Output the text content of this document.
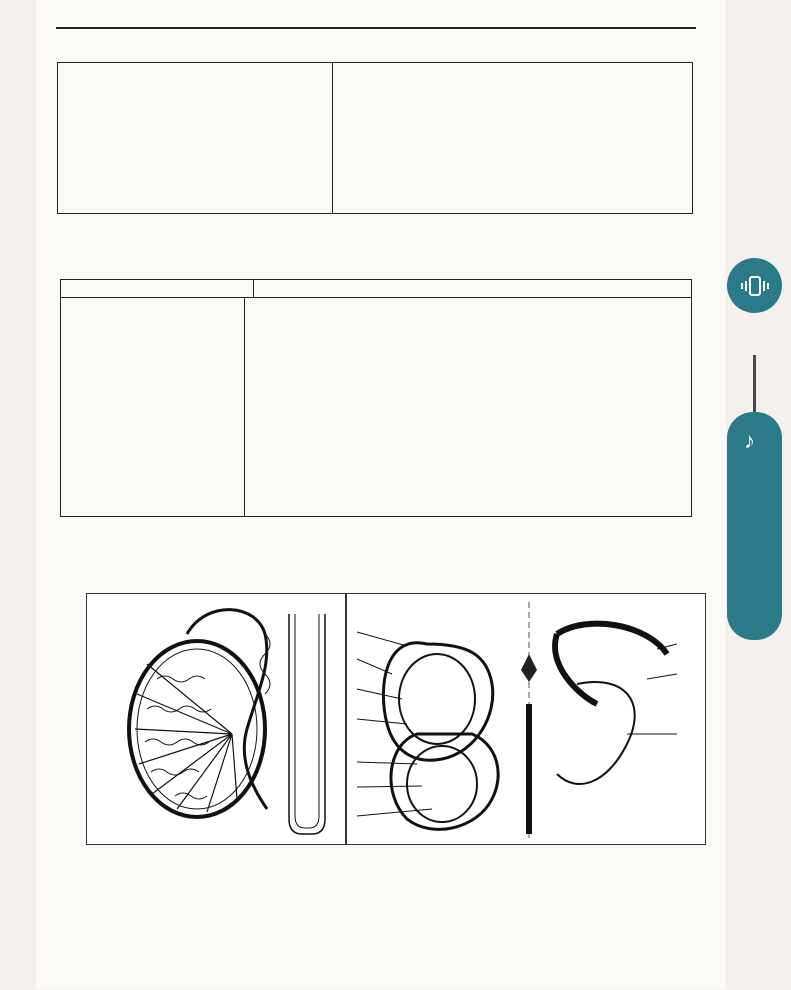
♪
